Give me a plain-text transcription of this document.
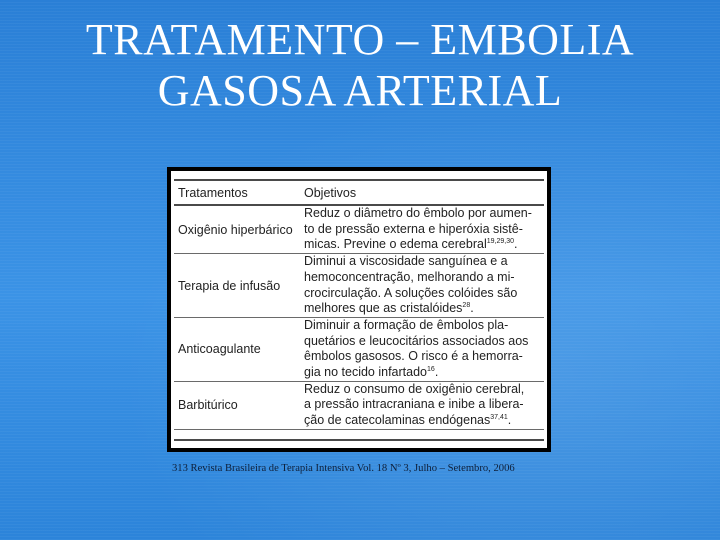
TRATAMENTO – EMBOLIA
GASOSA ARTERIAL
Tratamentos	Objetivos
Oxigênio hiperbárico
Reduz o diâmetro do êmbolo por aumen-
to de pressão externa e hiperóxia sistê-
micas. Previne o edema cerebral$^{19,29,30}$.
Terapia de infusão
Diminui a viscosidade sanguínea e a
hemoconcentração, melhorando a mi-
crocirculação. A soluções colóides são
melhores que as cristalóides$^{28}$.
Anticoagulante
Diminuir a formação de êmbolos pla-
quetários e leucocitários associados aos
êmbolos gasosos. O risco é a hemorra-
gia no tecido infartado$^{16}$.
Barbitúrico
Reduz o consumo de oxigênio cerebral,
a pressão intracraniana e inibe a libera-
ção de catecolaminas endógenas$^{37,41}$.
313 Revista Brasileira de Terapia Intensiva Vol. 18 Nº 3, Julho – Setembro, 2006
